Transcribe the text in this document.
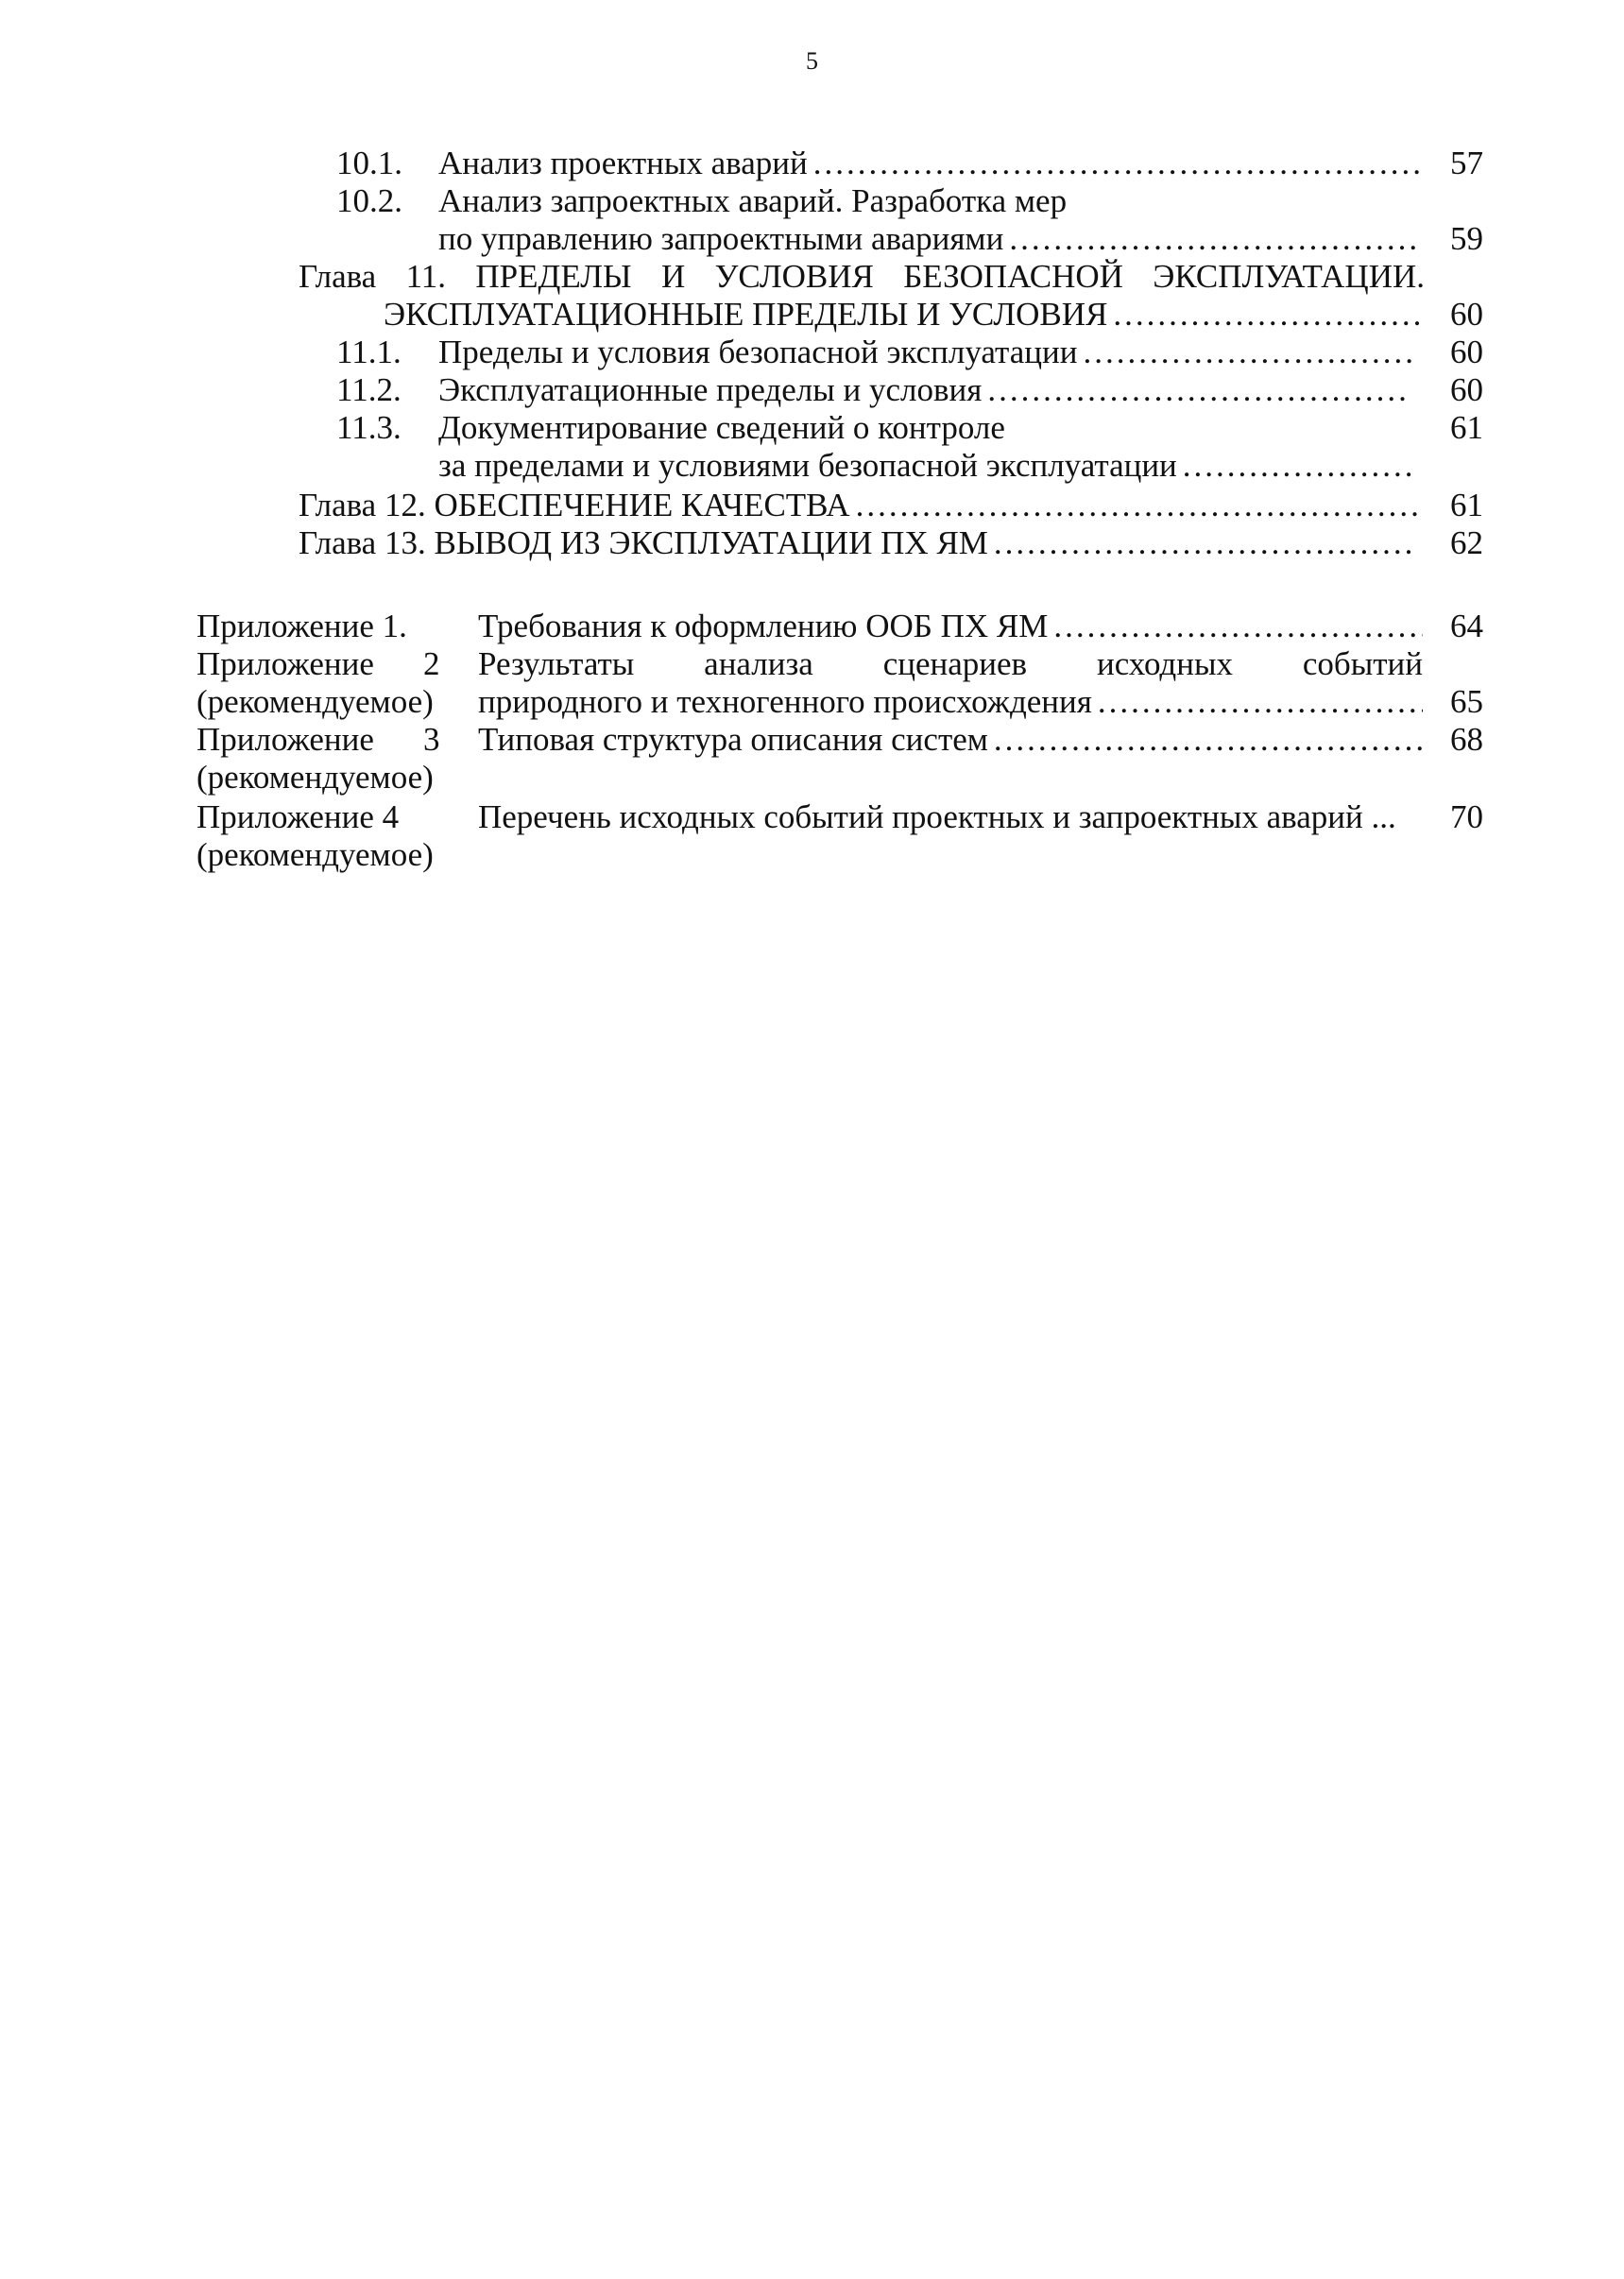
5
10.1. Анализ проектных аварий .....	57
10.2. Анализ запроектных аварий. Разработка мер
по управлению запроектными авариями .....	59
Глава 11. ПРЕДЕЛЫ И УСЛОВИЯ БЕЗОПАСНОЙ ЭКСПЛУАТАЦИИ.
ЭКСПЛУАТАЦИОННЫЕ ПРЕДЕЛЫ И УСЛОВИЯ .....	60
11.1. Пределы и условия безопасной эксплуатации .....	60
11.2. Эксплуатационные пределы и условия .....	60
11.3. Документирование сведений о контроле	61
за пределами и условиями безопасной эксплуатации
.....
Глава 12. ОБЕСПЕЧЕНИЕ КАЧЕСТВА .....	61
Глава 13. ВЫВОД ИЗ ЭКСПЛУАТАЦИИ ПХ ЯМ .....	62
Приложение 1. Требования к оформлению ООБ ПХ ЯМ .....	64
Приложение 2 Результаты анализа сценариев исходных событий
(рекомендуемое) природного и техногенного происхождения .....	65
Приложение 3 Типовая структура описания систем .....	68
(рекомендуемое)
Приложение 4 Перечень исходных событий проектных и запроектных аварий ...	70
(рекомендуемое)
